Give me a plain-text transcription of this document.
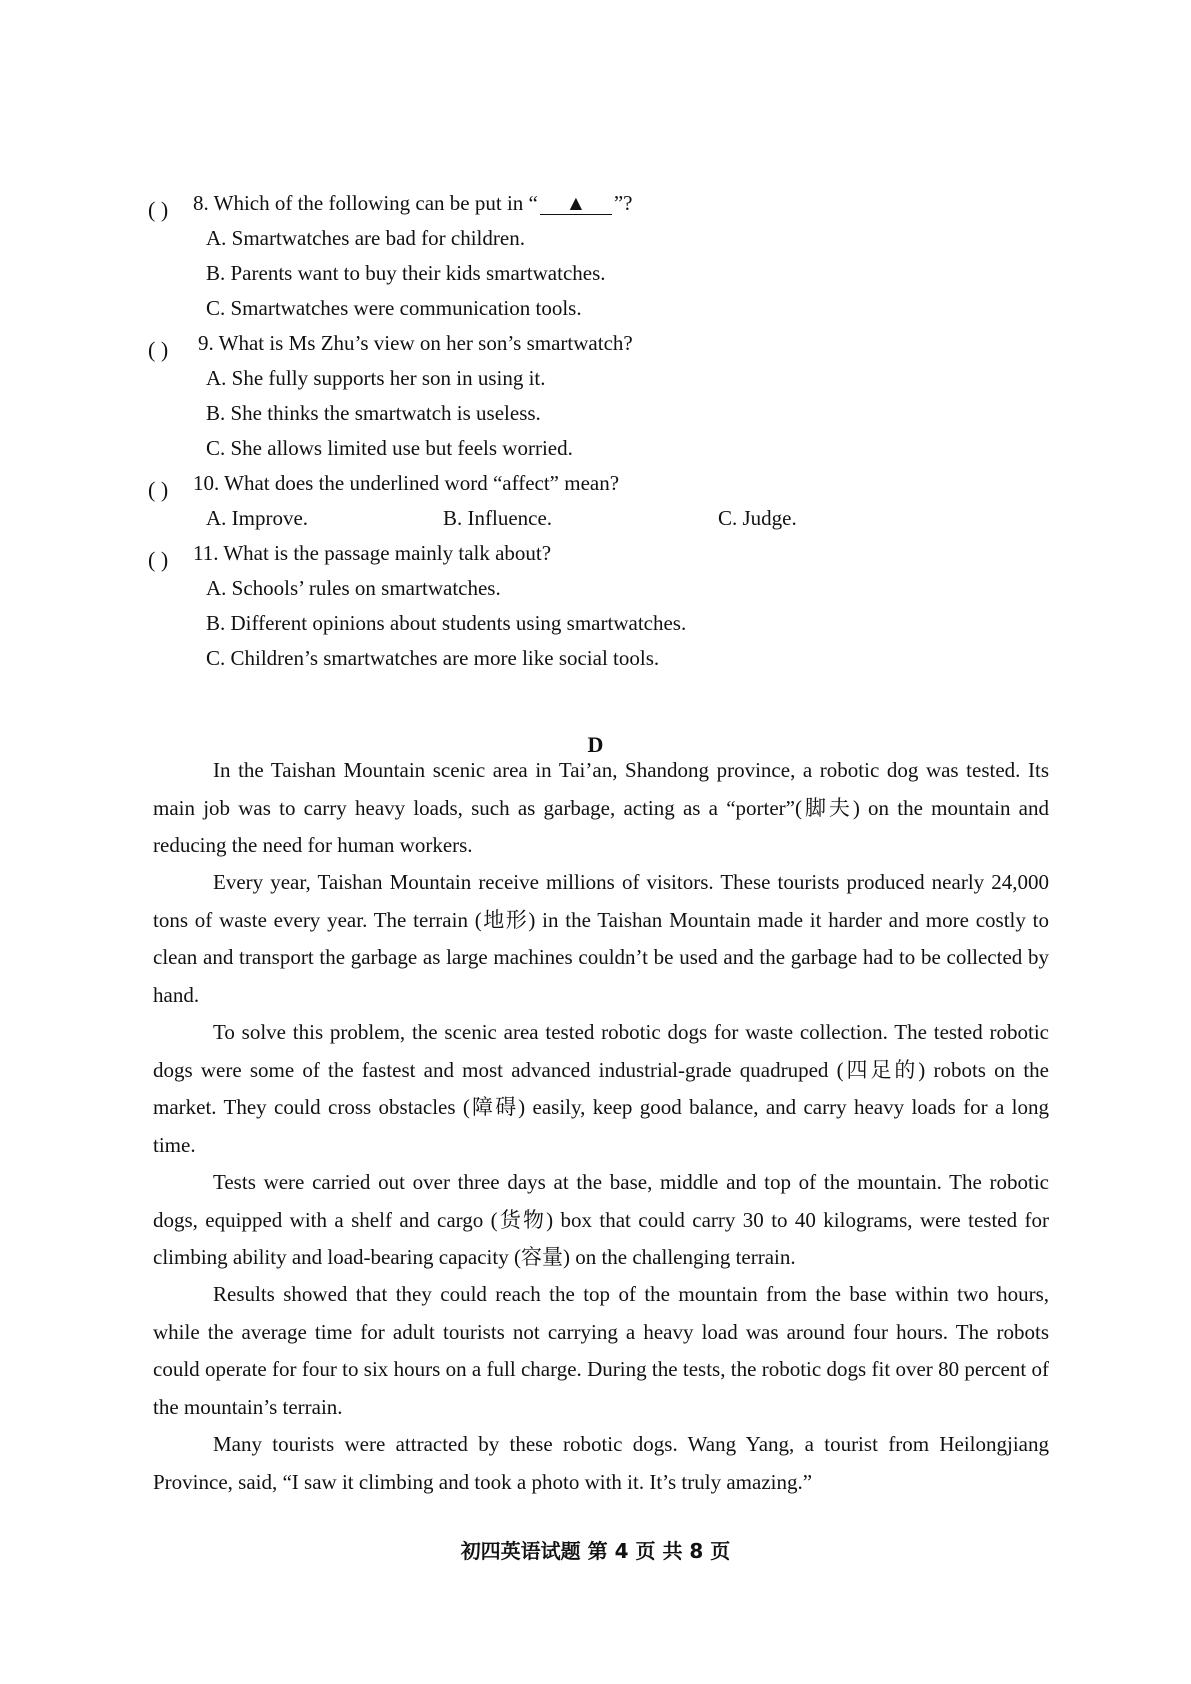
( ) 8. Which of the following can be put in “ ▲ ”?
A. Smartwatches are bad for children.
B. Parents want to buy their kids smartwatches.
C. Smartwatches were communication tools.
( ) 9. What is Ms Zhu’s view on her son’s smartwatch?
A. She fully supports her son in using it.
B. She thinks the smartwatch is useless.
C. She allows limited use but feels worried.
( ) 10. What does the underlined word “affect” mean?
A. Improve.	B. Influence.	C. Judge.
( ) 11. What is the passage mainly talk about?
A. Schools’ rules on smartwatches.
B. Different opinions about students using smartwatches.
C. Children’s smartwatches are more like social tools.
D
In the Taishan Mountain scenic area in Tai’an, Shandong province, a robotic dog was tested. Its main job was to carry heavy loads, such as garbage, acting as a “porter”(脚夫) on the mountain and reducing the need for human workers.
Every year, Taishan Mountain receive millions of visitors. These tourists produced nearly 24,000 tons of waste every year. The terrain (地形) in the Taishan Mountain made it harder and more costly to clean and transport the garbage as large machines couldn’t be used and the garbage had to be collected by hand.
To solve this problem, the scenic area tested robotic dogs for waste collection. The tested robotic dogs were some of the fastest and most advanced industrial-grade quadruped (四足的) robots on the market. They could cross obstacles (障碍) easily, keep good balance, and carry heavy loads for a long time.
Tests were carried out over three days at the base, middle and top of the mountain. The robotic dogs, equipped with a shelf and cargo (货物) box that could carry 30 to 40 kilograms, were tested for climbing ability and load-bearing capacity (容量) on the challenging terrain.
Results showed that they could reach the top of the mountain from the base within two hours, while the average time for adult tourists not carrying a heavy load was around four hours. The robots could operate for four to six hours on a full charge. During the tests, the robotic dogs fit over 80 percent of the mountain’s terrain.
Many tourists were attracted by these robotic dogs. Wang Yang, a tourist from Heilongjiang Province, said, “I saw it climbing and took a photo with it. It’s truly amazing.”
初四英语试题 第 4 页 共 8 页
